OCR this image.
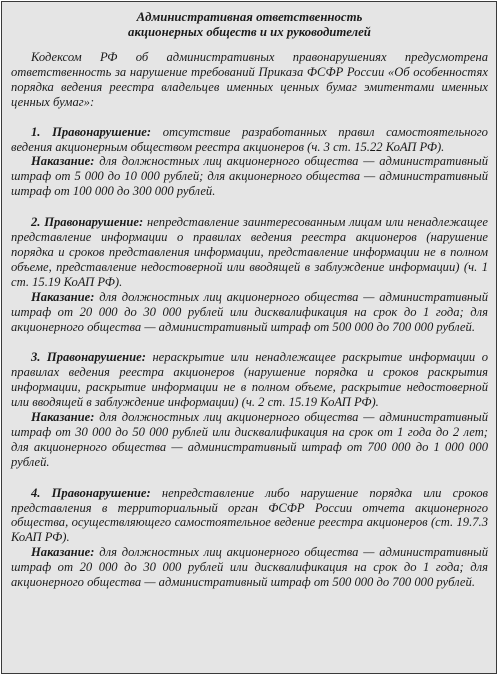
Административная ответственность
акционерных обществ и их руководителей

Кодексом РФ об административных правонарушениях предусмотрена ответственность за нарушение требований Приказа ФСФР России «Об особенностях порядка ведения реестра владельцев именных ценных бумаг эмитентами именных ценных бумаг»:

1. Правонарушение: отсутствие разработанных правил самостоятельного ведения акционерным обществом реестра акционеров (ч. 3 ст. 15.22 КоАП РФ).

Наказание: для должностных лиц акционерного общества — административный штраф от 5 000 до 10 000 рублей; для акционерного общества — административный штраф от 100 000 до 300 000 рублей.

2. Правонарушение: непредставление заинтересованным лицам или ненадлежащее представление информации о правилах ведения реестра акционеров (нарушение порядка и сроков представления информации, представление информации не в полном объеме, представление недостоверной или вводящей в заблуждение информации) (ч. 1 ст. 15.19 КоАП РФ).

Наказание: для должностных лиц акционерного общества — административный штраф от 20 000 до 30 000 рублей или дисквалификация на срок до 1 года; для акционерного общества — административный штраф от 500 000 до 700 000 рублей.

3. Правонарушение: нераскрытие или ненадлежащее раскрытие информации о правилах ведения реестра акционеров (нарушение порядка и сроков раскрытия информации, раскрытие информации не в полном объеме, раскрытие недостоверной или вводящей в заблуждение информации) (ч. 2 ст. 15.19 КоАП РФ).

Наказание: для должностных лиц акционерного общества — административный штраф от 30 000 до 50 000 рублей или дисквалификация на срок от 1 года до 2 лет; для акционерного общества — административный штраф от 700 000 до 1 000 000 рублей.

4. Правонарушение: непредставление либо нарушение порядка или сроков представления в территориальный орган ФСФР России отчета акционерного общества, осуществляющего самостоятельное ведение реестра акционеров (ст. 19.7.3 КоАП РФ).

Наказание: для должностных лиц акционерного общества — административный штраф от 20 000 до 30 000 рублей или дисквалификация на срок до 1 года; для акционерного общества — административный штраф от 500 000 до 700 000 рублей.
